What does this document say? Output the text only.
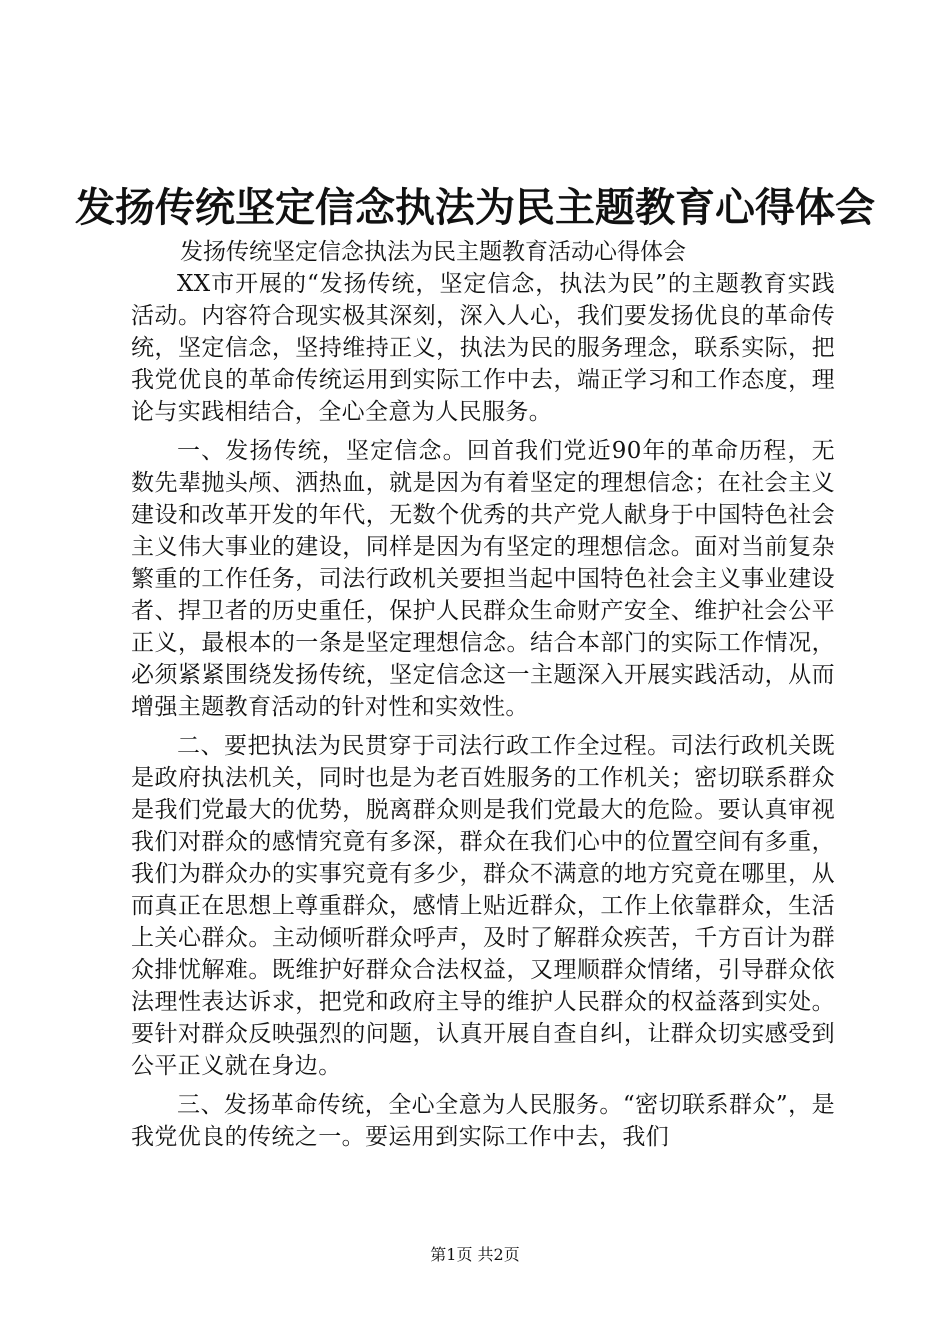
发扬传统坚定信念执法为民主题教育心得体会

发扬传统坚定信念执法为民主题教育活动心得体会

XX市开展的“发扬传统，坚定信念，执法为民”的主题教育实践活动。内容符合现实极其深刻，深入人心，我们要发扬优良的革命传统，坚定信念，坚持维持正义，执法为民的服务理念，联系实际，把我党优良的革命传统运用到实际工作中去，端正学习和工作态度，理论与实践相结合，全心全意为人民服务。

一、发扬传统，坚定信念。回首我们党近90年的革命历程，无数先辈抛头颅、洒热血，就是因为有着坚定的理想信念；在社会主义建设和改革开发的年代，无数个优秀的共产党人献身于中国特色社会主义伟大事业的建设，同样是因为有坚定的理想信念。面对当前复杂繁重的工作任务，司法行政机关要担当起中国特色社会主义事业建设者、捍卫者的历史重任，保护人民群众生命财产安全、维护社会公平正义，最根本的一条是坚定理想信念。结合本部门的实际工作情况，必须紧紧围绕发扬传统，坚定信念这一主题深入开展实践活动，从而增强主题教育活动的针对性和实效性。

二、要把执法为民贯穿于司法行政工作全过程。司法行政机关既是政府执法机关，同时也是为老百姓服务的工作机关；密切联系群众是我们党最大的优势，脱离群众则是我们党最大的危险。要认真审视我们对群众的感情究竟有多深，群众在我们心中的位置空间有多重，我们为群众办的实事究竟有多少，群众不满意的地方究竟在哪里，从而真正在思想上尊重群众，感情上贴近群众，工作上依靠群众，生活上关心群众。主动倾听群众呼声，及时了解群众疾苦，千方百计为群众排忧解难。既维护好群众合法权益，又理顺群众情绪，引导群众依法理性表达诉求，把党和政府主导的维护人民群众的权益落到实处。要针对群众反映强烈的问题，认真开展自查自纠，让群众切实感受到公平正义就在身边。

三、发扬革命传统，全心全意为人民服务。“密切联系群众”，是我党优良的传统之一。要运用到实际工作中去，我们

第1页 共2页
